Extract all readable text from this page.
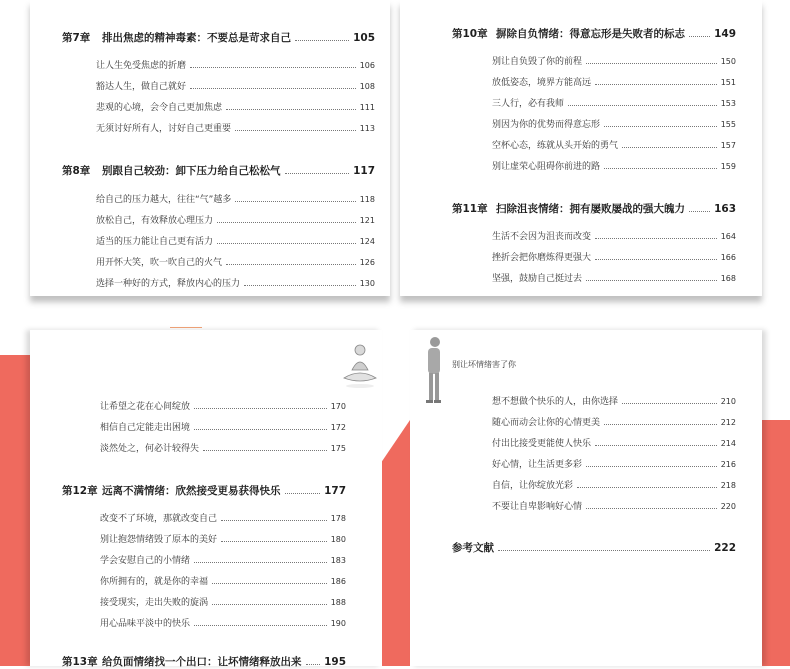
第7章	排出焦虑的精神毒素：不要总是苛求自己	105
让人生免受焦虑的折磨	106
豁达人生，做自己就好	108
悲观的心境，会令自己更加焦虑	111
无须讨好所有人，讨好自己更重要	113
第8章	别跟自己较劲：卸下压力给自己松松气	117
给自己的压力越大，往往“气”越多	118
放松自己，有效释放心理压力	121
适当的压力能让自己更有活力	124
用开怀大笑，吹一吹自己的火气	126
选择一种好的方式，释放内心的压力	130
第10章 摒除自负情绪：得意忘形是失败者的标志	149
别让自负毁了你的前程	150
放低姿态，境界方能高远	151
三人行，必有我师	153
别因为你的优势而得意忘形	155
空杯心态，练就从头开始的勇气	157
别让虚荣心阻碍你前进的路	159
第11章 扫除沮丧情绪：拥有屡败屡战的强大魄力	163
生活不会因为沮丧而改变	164
挫折会把你磨炼得更强大	166
坚强，鼓励自己挺过去	168
让希望之花在心间绽放	170
相信自己定能走出困境	172
淡然处之，何必计较得失	175
第12章 远离不满情绪：欣然接受更易获得快乐	177
改变不了环境，那就改变自己	178
别让抱怨情绪毁了原本的美好	180
学会安慰自己的小情绪	183
你所拥有的，就是你的幸福	186
接受现实，走出失败的旋涡	188
用心品味平淡中的快乐	190
第13章 给负面情绪找一个出口：让坏情绪释放出来 195
别让坏情绪害了你
想不想做个快乐的人，由你选择	210
随心而动会让你的心情更美	212
付出比接受更能使人快乐	214
好心情，让生活更多彩	216
自信，让你绽放光彩	218
不要让自卑影响好心情	220
参考文献	222
